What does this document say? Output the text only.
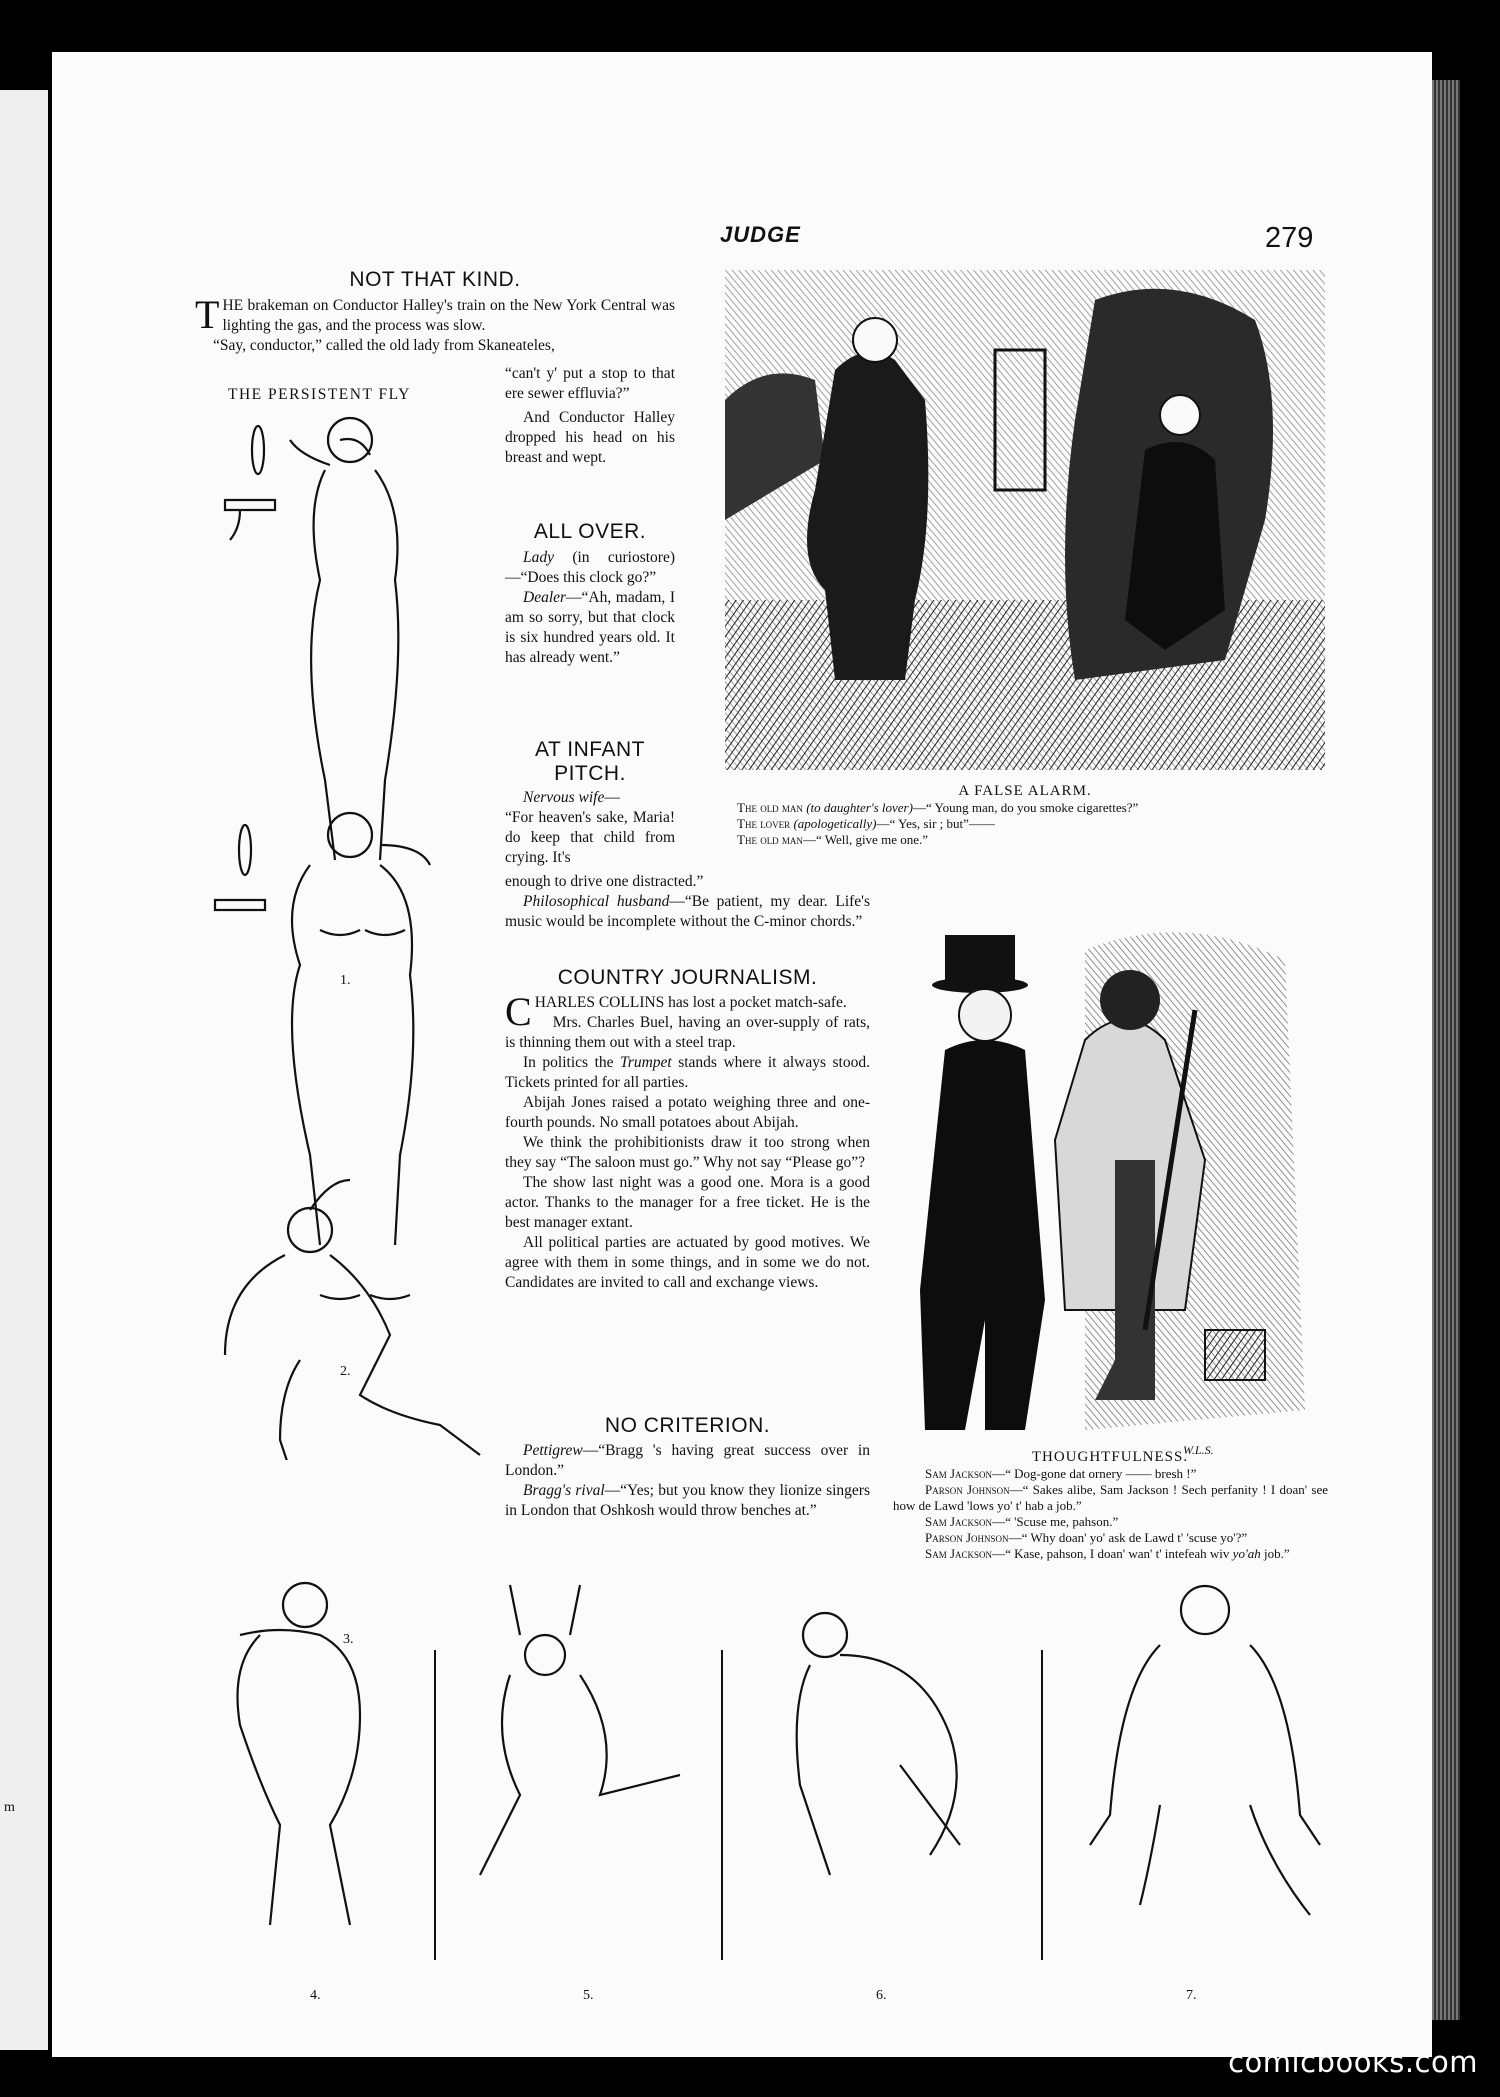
m
JUDGE	279
NOT THAT KIND.

THE brakeman on Conductor Halley's train on the New York Central was lighting the gas, and the process was slow.

“Say, conductor,” called the old lady from Skaneateles,

“can't y' put a stop to that ere sewer effluvia?”

And Conductor Halley dropped his head on his breast and wept.

ALL OVER.

Lady (in curiostore) —“Does this clock go?”

Dealer—“Ah, madam, I am so sorry, but that clock is six hundred years old. It has already went.”

AT INFANT
PITCH.

Nervous wife—

“For heaven's sake, Maria! do keep that child from crying. It's

enough to drive one distracted.”

Philosophical husband—“Be patient, my dear. Life's music would be incomplete without the C-minor chords.”

COUNTRY JOURNALISM.

CHARLES COLLINS has lost a pocket match-safe.

Mrs. Charles Buel, having an over-supply of rats, is thinning them out with a steel trap.

In politics the Trumpet stands where it always stood. Tickets printed for all parties.

Abijah Jones raised a potato weighing three and one-fourth pounds. No small potatoes about Abijah.

We think the prohibitionists draw it too strong when they say “The saloon must go.” Why not say “Please go”?

The show last night was a good one. Mora is a good actor. Thanks to the manager for a free ticket. He is the best manager extant.

All political parties are actuated by good motives. We agree with them in some things, and in some we do not. Candidates are invited to call and exchange views.

NO CRITERION.

Pettigrew—“Bragg 's having great success over in London.”

Bragg's rival—“Yes; but you know they lionize singers in London that Oshkosh would throw benches at.”

THE PERSISTENT FLY
1.
2.
3.
A FALSE ALARM.
The old man (to daughter's lover)—“ Young man, do you smoke cigarettes?”
The lover (apologetically)—“ Yes, sir ; but”——
The old man—“ Well, give me one.”
W.L.S.
THOUGHTFULNESS.
Sam Jackson—“ Dog-gone dat ornery —— bresh !”
Parson Johnson—“ Sakes alibe, Sam Jackson ! Sech perfanity ! I doan' see how de Lawd 'lows yo' t' hab a job.”
Sam Jackson—“ 'Scuse me, pahson.”
Parson Johnson—“ Why doan' yo' ask de Lawd t' 'scuse yo'?”
Sam Jackson—“ Kase, pahson, I doan' wan' t' intefeah wiv yo'ah job.”
4.	5.	6.	7.
comicbooks.com
